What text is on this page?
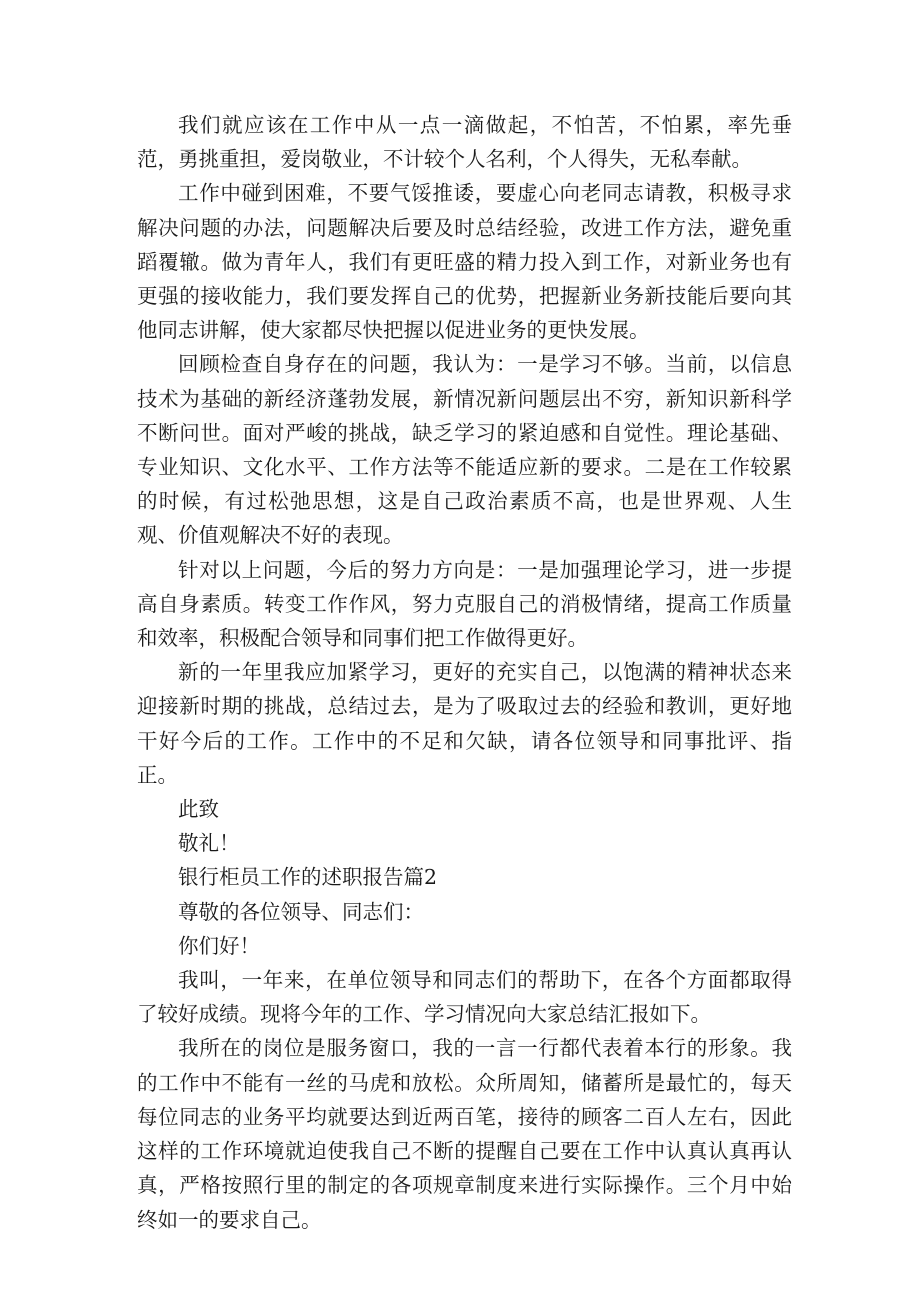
我们就应该在工作中从一点一滴做起，不怕苦，不怕累，率先垂范，勇挑重担，爱岗敬业，不计较个人名利，个人得失，无私奉献。

工作中碰到困难，不要气馁推诿，要虚心向老同志请教，积极寻求解决问题的办法，问题解决后要及时总结经验，改进工作方法，避免重蹈覆辙。做为青年人，我们有更旺盛的精力投入到工作，对新业务也有更强的接收能力，我们要发挥自己的优势，把握新业务新技能后要向其他同志讲解，使大家都尽快把握以促进业务的更快发展。

回顾检查自身存在的问题，我认为：一是学习不够。当前，以信息技术为基础的新经济蓬勃发展，新情况新问题层出不穷，新知识新科学不断问世。面对严峻的挑战，缺乏学习的紧迫感和自觉性。理论基础、专业知识、文化水平、工作方法等不能适应新的要求。二是在工作较累的时候，有过松弛思想，这是自己政治素质不高，也是世界观、人生观、价值观解决不好的表现。

针对以上问题，今后的努力方向是：一是加强理论学习，进一步提高自身素质。转变工作作风，努力克服自己的消极情绪，提高工作质量和效率，积极配合领导和同事们把工作做得更好。

新的一年里我应加紧学习，更好的充实自己，以饱满的精神状态来迎接新时期的挑战，总结过去，是为了吸取过去的经验和教训，更好地干好今后的工作。工作中的不足和欠缺，请各位领导和同事批评、指正。

此致

敬礼！

银行柜员工作的述职报告篇2

尊敬的各位领导、同志们：

你们好！

我叫，一年来，在单位领导和同志们的帮助下，在各个方面都取得了较好成绩。现将今年的工作、学习情况向大家总结汇报如下。

我所在的岗位是服务窗口，我的一言一行都代表着本行的形象。我的工作中不能有一丝的马虎和放松。众所周知，储蓄所是最忙的，每天每位同志的业务平均就要达到近两百笔，接待的顾客二百人左右，因此这样的工作环境就迫使我自己不断的提醒自己要在工作中认真认真再认真，严格按照行里的制定的各项规章制度来进行实际操作。三个月中始终如一的要求自己。
